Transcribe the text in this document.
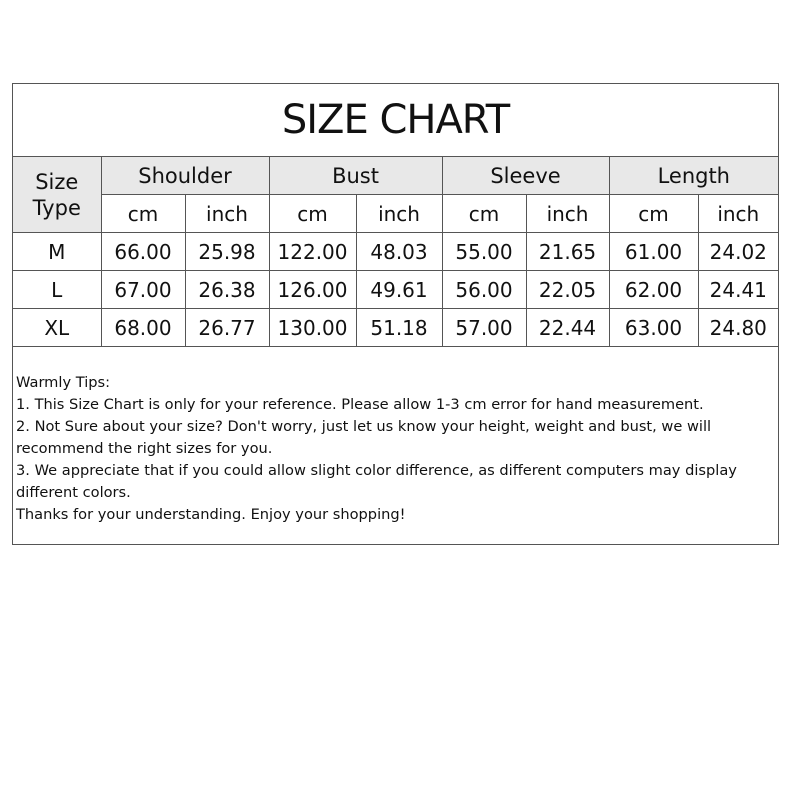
SIZE CHART
Size
Type	Shoulder		Bust		Sleeve		Length	
	cm	inch	cm	inch	cm	inch	cm	inch
M	66.00	25.98	122.00	48.03	55.00	21.65	61.00	24.02
L	67.00	26.38	126.00	49.61	56.00	22.05	62.00	24.41
XL	68.00	26.77	130.00	51.18	57.00	22.44	63.00	24.80
Warmly Tips:
1. This Size Chart is only for your reference. Please allow 1-3 cm error for hand measurement.
2. Not Sure about your size? Don't worry, just let us know your height, weight and bust, we will recommend the right sizes for you.
3. We appreciate that if you could allow slight color difference, as different computers may display different colors.
Thanks for your understanding. Enjoy your shopping!
